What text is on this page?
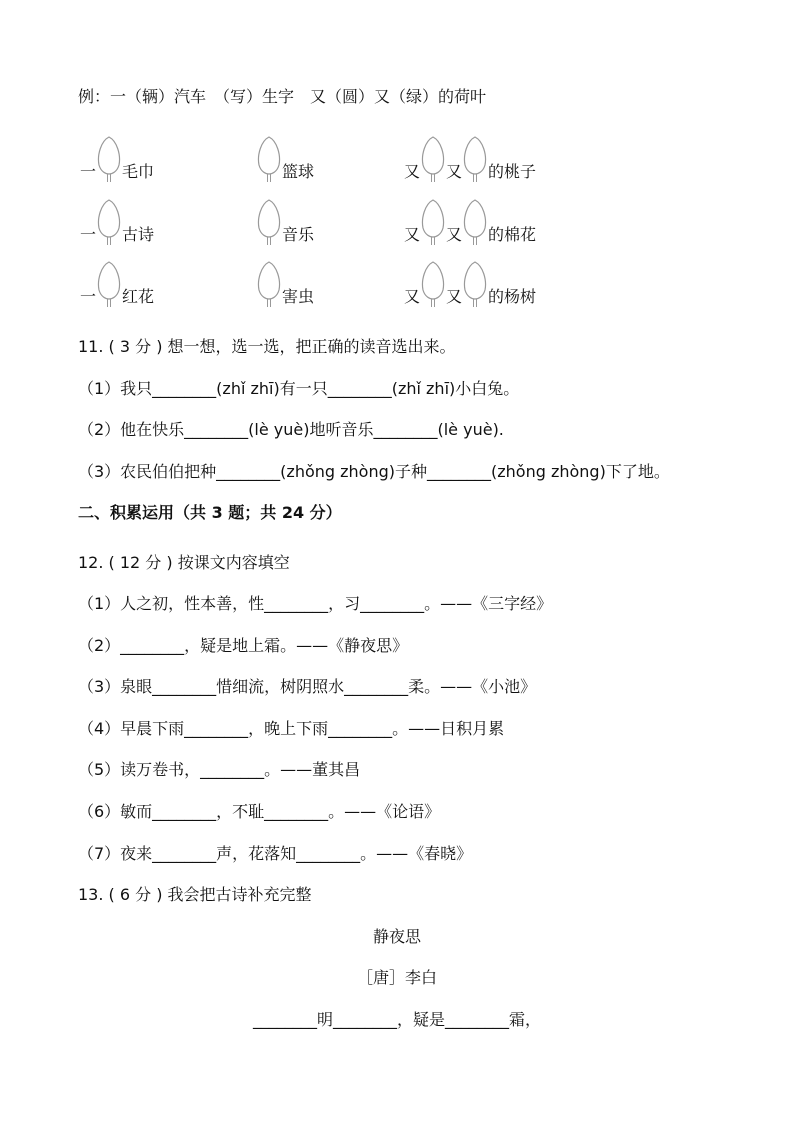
例：一（辆）汽车　（写）生字　又（圆）又（绿）的荷叶
一 毛巾	篮球	又 又 的桃子
一 古诗	音乐	又 又 的棉花
一 红花	害虫	又 又 的杨树
11. ( 3 分 ) 想一想，选一选，把正确的读音选出来。
（1）我只________(zhǐ zhī)有一只________(zhǐ zhī)小白兔。
（2）他在快乐________(lè yuè)地听音乐________(lè yuè).
（3）农民伯伯把种________(zhǒng zhòng)子种________(zhǒng zhòng)下了地。
二、积累运用（共 3 题；共 24 分）
12. ( 12 分 ) 按课文内容填空
（1）人之初，性本善，性________，习________。——《三字经》
（2）________，疑是地上霜。——《静夜思》
（3）泉眼________惜细流，树阴照水________柔。——《小池》
（4）早晨下雨________，晚上下雨________。——日积月累
（5）读万卷书，________。——董其昌
（6）敏而________，不耻________。——《论语》
（7）夜来________声，花落知________。——《春晓》
13. ( 6 分 ) 我会把古诗补充完整
静夜思
［唐］李白
________明________，疑是________霜，
